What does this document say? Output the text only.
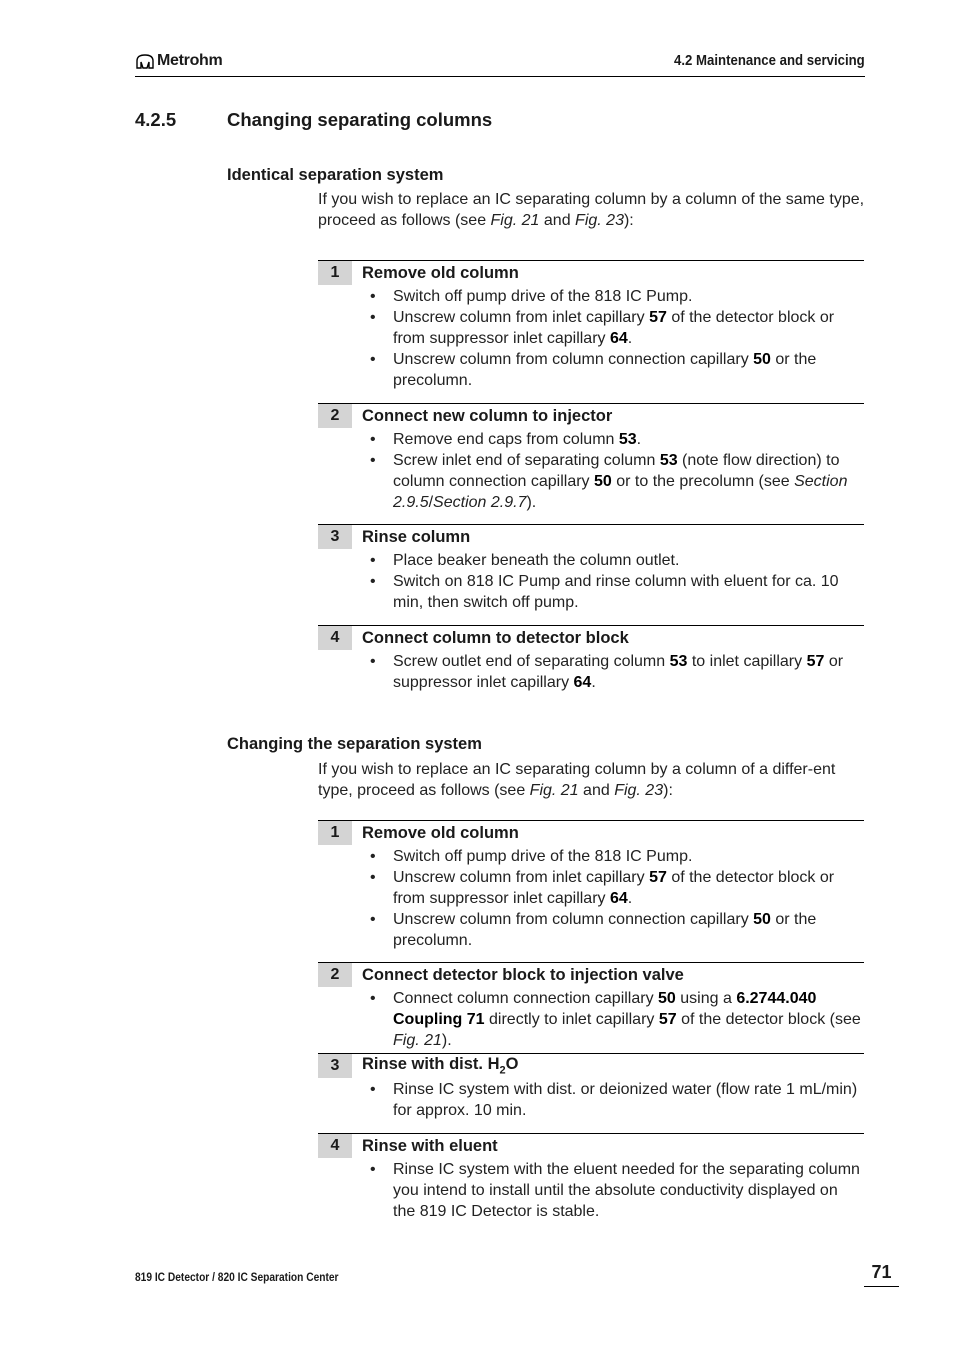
Metrohm	4.2 Maintenance and servicing
4.2.5	Changing separating columns
Identical separation system
If you wish to replace an IC separating column by a column of the same type, proceed as follows (see Fig. 21 and Fig. 23):
1	Remove old column
• Switch off pump drive of the 818 IC Pump.
• Unscrew column from inlet capillary 57 of the detector block or from suppressor inlet capillary 64.
• Unscrew column from column connection capillary 50 or the precolumn.
2	Connect new column to injector
• Remove end caps from column 53.
• Screw inlet end of separating column 53 (note flow direction) to column connection capillary 50 or to the precolumn (see Section 2.9.5/Section 2.9.7).
3	Rinse column
• Place beaker beneath the column outlet.
• Switch on 818 IC Pump and rinse column with eluent for ca. 10 min, then switch off pump.
4	Connect column to detector block
• Screw outlet end of separating column 53 to inlet capillary 57 or suppressor inlet capillary 64.
Changing the separation system
If you wish to replace an IC separating column by a column of a differ-ent type, proceed as follows (see Fig. 21 and Fig. 23):
1	Remove old column
• Switch off pump drive of the 818 IC Pump.
• Unscrew column from inlet capillary 57 of the detector block or from suppressor inlet capillary 64.
• Unscrew column from column connection capillary 50 or the precolumn.
2	Connect detector block to injection valve
• Connect column connection capillary 50 using a 6.2744.040 Coupling 71 directly to inlet capillary 57 of the detector block (see Fig. 21).
3	Rinse with dist. $H_2O$
• Rinse IC system with dist. or deionized water (flow rate 1 mL/min) for approx. 10 min.
4	Rinse with eluent
• Rinse IC system with the eluent needed for the separating column you intend to install until the absolute conductivity displayed on the 819 IC Detector is stable.
819 IC Detector / 820 IC Separation Center	71
